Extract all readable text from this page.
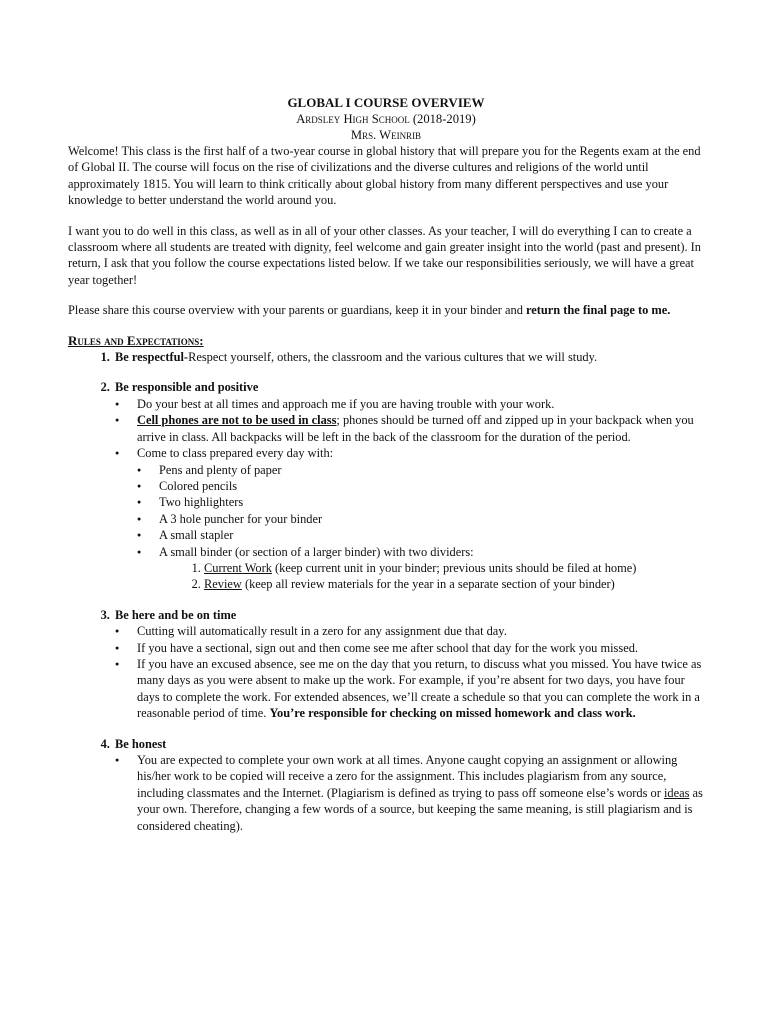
GLOBAL I COURSE OVERVIEW

Ardsley High School (2018-2019)

Mrs. Weinrib

Welcome! This class is the first half of a two-year course in global history that will prepare you for the Regents exam at the end of Global II. The course will focus on the rise of civilizations and the diverse cultures and religions of the world until approximately 1815. You will learn to think critically about global history from many different perspectives and use your knowledge to better understand the world around you.

I want you to do well in this class, as well as in all of your other classes. As your teacher, I will do everything I can to create a classroom where all students are treated with dignity, feel welcome and gain greater insight into the world (past and present). In return, I ask that you follow the course expectations listed below. If we take our responsibilities seriously, we will have a great year together!

Please share this course overview with your parents or guardians, keep it in your binder and return the final page to me.

Rules and Expectations:

1. Be respectful-Respect yourself, others, the classroom and the various cultures that we will study.
2. Be responsible and positive
● Do your best at all times and approach me if you are having trouble with your work.
● Cell phones are not to be used in class; phones should be turned off and zipped up in your backpack when you arrive in class. All backpacks will be left in the back of the classroom for the duration of the period.
● Come to class prepared every day with:
● Pens and plenty of paper
● Colored pencils
● Two highlighters
● A 3 hole puncher for your binder
● A small stapler
● A small binder (or section of a larger binder) with two dividers:
1. Current Work (keep current unit in your binder; previous units should be filed at home)
2. Review (keep all review materials for the year in a separate section of your binder)
3. Be here and be on time
● Cutting will automatically result in a zero for any assignment due that day.
● If you have a sectional, sign out and then come see me after school that day for the work you missed.
● If you have an excused absence, see me on the day that you return, to discuss what you missed. You have twice as many days as you were absent to make up the work. For example, if you’re absent for two days, you have four days to complete the work. For extended absences, we’ll create a schedule so that you can complete the work in a reasonable period of time. You’re responsible for checking on missed homework and class work.
4. Be honest
● You are expected to complete your own work at all times. Anyone caught copying an assignment or allowing his/her work to be copied will receive a zero for the assignment. This includes plagiarism from any source, including classmates and the Internet. (Plagiarism is defined as trying to pass off someone else’s words or ideas as your own. Therefore, changing a few words of a source, but keeping the same meaning, is still plagiarism and is considered cheating).
